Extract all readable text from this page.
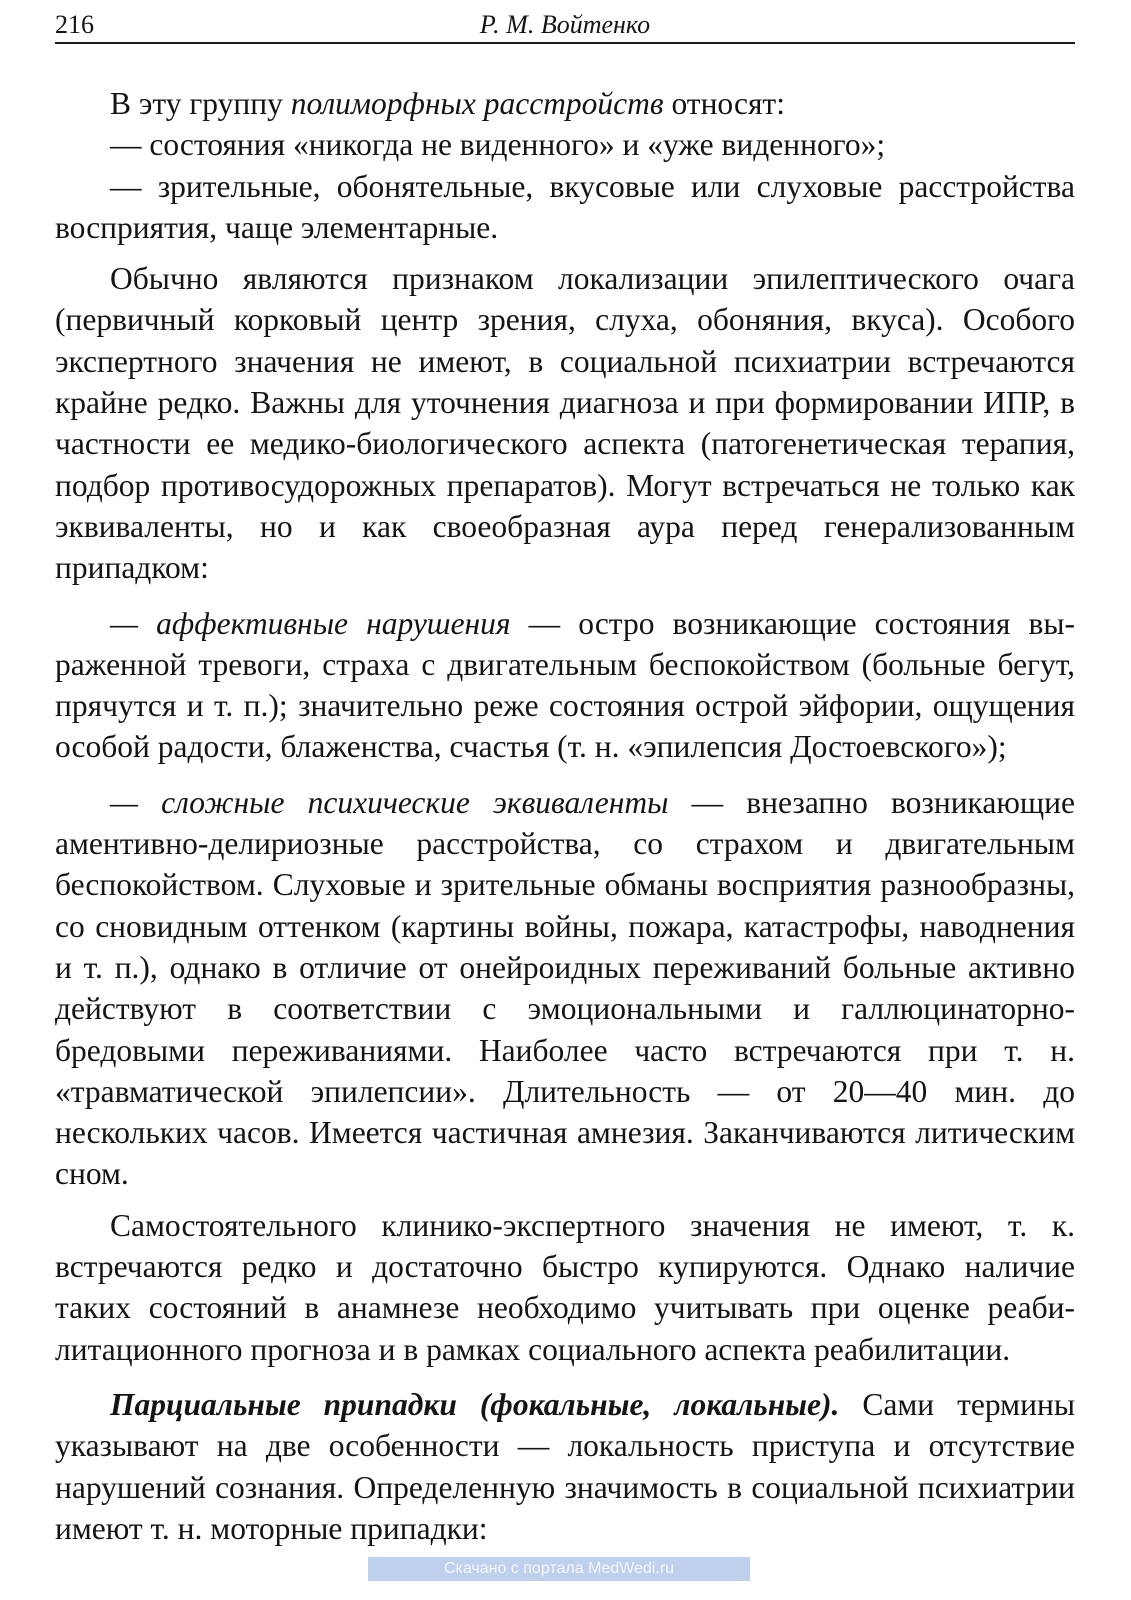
216	Р. М. Войтенко

В эту группу полиморфных расстройств относят:

— состояния «никогда не виденного» и «уже виденного»;

— зрительные, обонятельные, вкусовые или слуховые расстройства восприятия, чаще элементарные.

Обычно являются признаком локализации эпилептического очага (первичный корковый центр зрения, слуха, обоняния, вкуса). Особого экспертного значения не имеют, в социальной психиатрии встречаются крайне редко. Важны для уточнения диагноза и при формировании ИПР, в частности ее медико-биологического аспекта (патогенетическая терапия, подбор противосудорожных препаратов). Могут встречаться не только как эквиваленты, но и как своеобразная аура перед генерализованным припадком:

— аффективные нарушения — остро возникающие состояния выраженной тревоги, страха с двигательным беспокойством (больные бегут, прячутся и т. п.); значительно реже состояния острой эйфории, ощущения особой радости, блаженства, счастья (т. н. «эпилепсия Достоевского»);

— сложные психические эквиваленты — внезапно возникающие аментивно-делириозные расстройства, со страхом и двигательным беспокойством. Слуховые и зрительные обманы восприятия разнообразны, со сновидным оттенком (картины войны, пожара, катастрофы, наводнения и т. п.), однако в отличие от онейроидных переживаний больные активно действуют в соответствии с эмоциональными и галлюцинаторно-бредовыми переживаниями. Наиболее часто встречаются при т. н. «травматической эпилепсии». Длительность — от 20—40 мин. до нескольких часов. Имеется частичная амнезия. Заканчиваются литическим сном.

Самостоятельного клинико-экспертного значения не имеют, т. к. встречаются редко и достаточно быстро купируются. Однако наличие таких состояний в анамнезе необходимо учитывать при оценке реабилитационного прогноза и в рамках социального аспекта реабилитации.

Парциальные припадки (фокальные, локальные). Сами термины указывают на две особенности — локальность приступа и отсутствие нарушений сознания. Определенную значимость в социальной психиатрии имеют т. н. моторные припадки:

Скачано с портала MedWedi.ru
